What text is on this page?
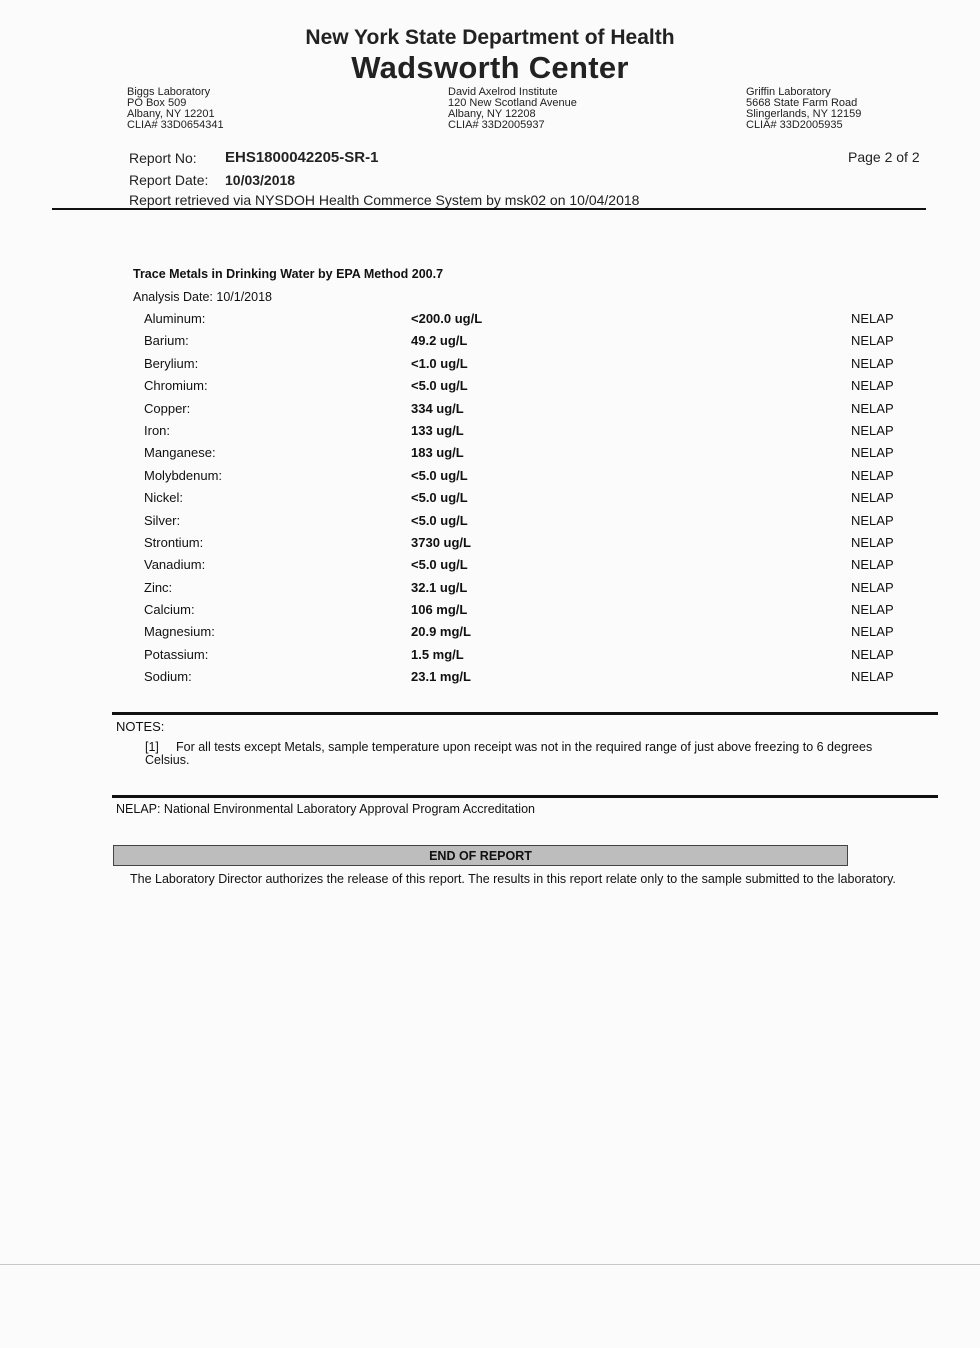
New York State Department of Health
Wadsworth Center
Biggs Laboratory
PO Box 509
Albany, NY 12201
CLIA# 33D0654341
David Axelrod Institute
120 New Scotland Avenue
Albany, NY 12208
CLIA# 33D2005937
Griffin Laboratory
5668 State Farm Road
Slingerlands, NY 12159
CLIA# 33D2005935
Report No: EHS1800042205-SR-1	Page 2 of 2
Report Date: 10/03/2018
Report retrieved via NYSDOH Health Commerce System by msk02 on 10/04/2018
Trace Metals in Drinking Water by EPA Method 200.7
Analysis Date: 10/1/2018
Aluminum:	<200.0 ug/L	NELAP
Barium:	49.2 ug/L	NELAP
Berylium:	<1.0 ug/L	NELAP
Chromium:	<5.0 ug/L	NELAP
Copper:	334 ug/L	NELAP
Iron:	133 ug/L	NELAP
Manganese:	183 ug/L	NELAP
Molybdenum:	<5.0 ug/L	NELAP
Nickel:	<5.0 ug/L	NELAP
Silver:	<5.0 ug/L	NELAP
Strontium:	3730 ug/L	NELAP
Vanadium:	<5.0 ug/L	NELAP
Zinc:	32.1 ug/L	NELAP
Calcium:	106 mg/L	NELAP
Magnesium:	20.9 mg/L	NELAP
Potassium:	1.5 mg/L	NELAP
Sodium:	23.1 mg/L	NELAP
NOTES:
[1] For all tests except Metals, sample temperature upon receipt was not in the required range of just above freezing to 6 degrees Celsius.
NELAP: National Environmental Laboratory Approval Program Accreditation
END OF REPORT
The Laboratory Director authorizes the release of this report. The results in this report relate only to the sample submitted to the laboratory.
